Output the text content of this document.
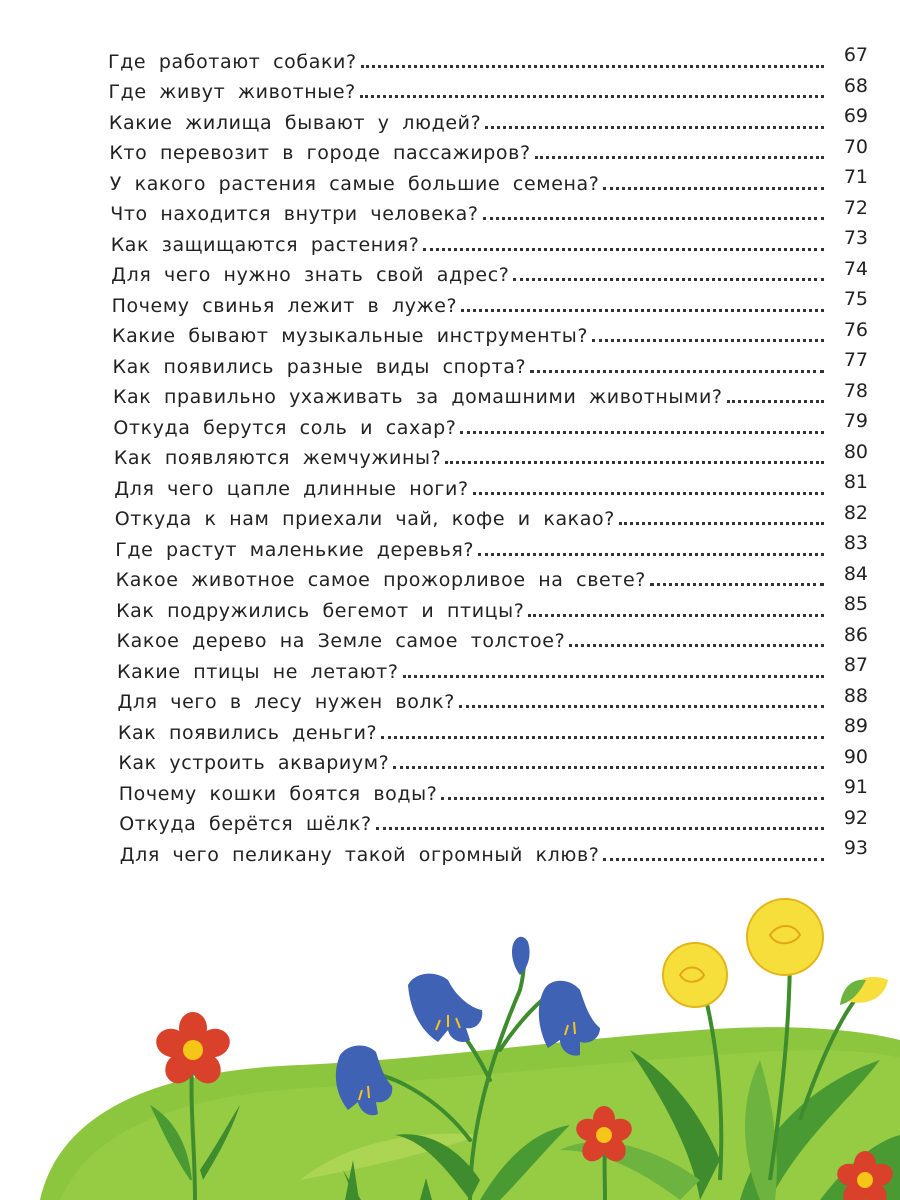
Где работают собаки?	67
Где живут животные?	68
Какие жилища бывают у людей?	69
Кто перевозит в городе пассажиров?	70
У какого растения самые большие семена?	71
Что находится внутри человека?	72
Как защищаются растения?	73
Для чего нужно знать свой адрес?	74
Почему свинья лежит в луже?	75
Какие бывают музыкальные инструменты?	76
Как появились разные виды спорта?	77
Как правильно ухаживать за домашними животными?	78
Откуда берутся соль и сахар?	79
Как появляются жемчужины?	80
Для чего цапле длинные ноги?	81
Откуда к нам приехали чай, кофе и какао?	82
Где растут маленькие деревья?	83
Какое животное самое прожорливое на свете?	84
Как подружились бегемот и птицы?	85
Какое дерево на Земле самое толстое?	86
Какие птицы не летают?	87
Для чего в лесу нужен волк?	88
Как появились деньги?	89
Как устроить аквариум?	90
Почему кошки боятся воды?	91
Откуда берётся шёлк?	92
Для чего пеликану такой огромный клюв?	93
